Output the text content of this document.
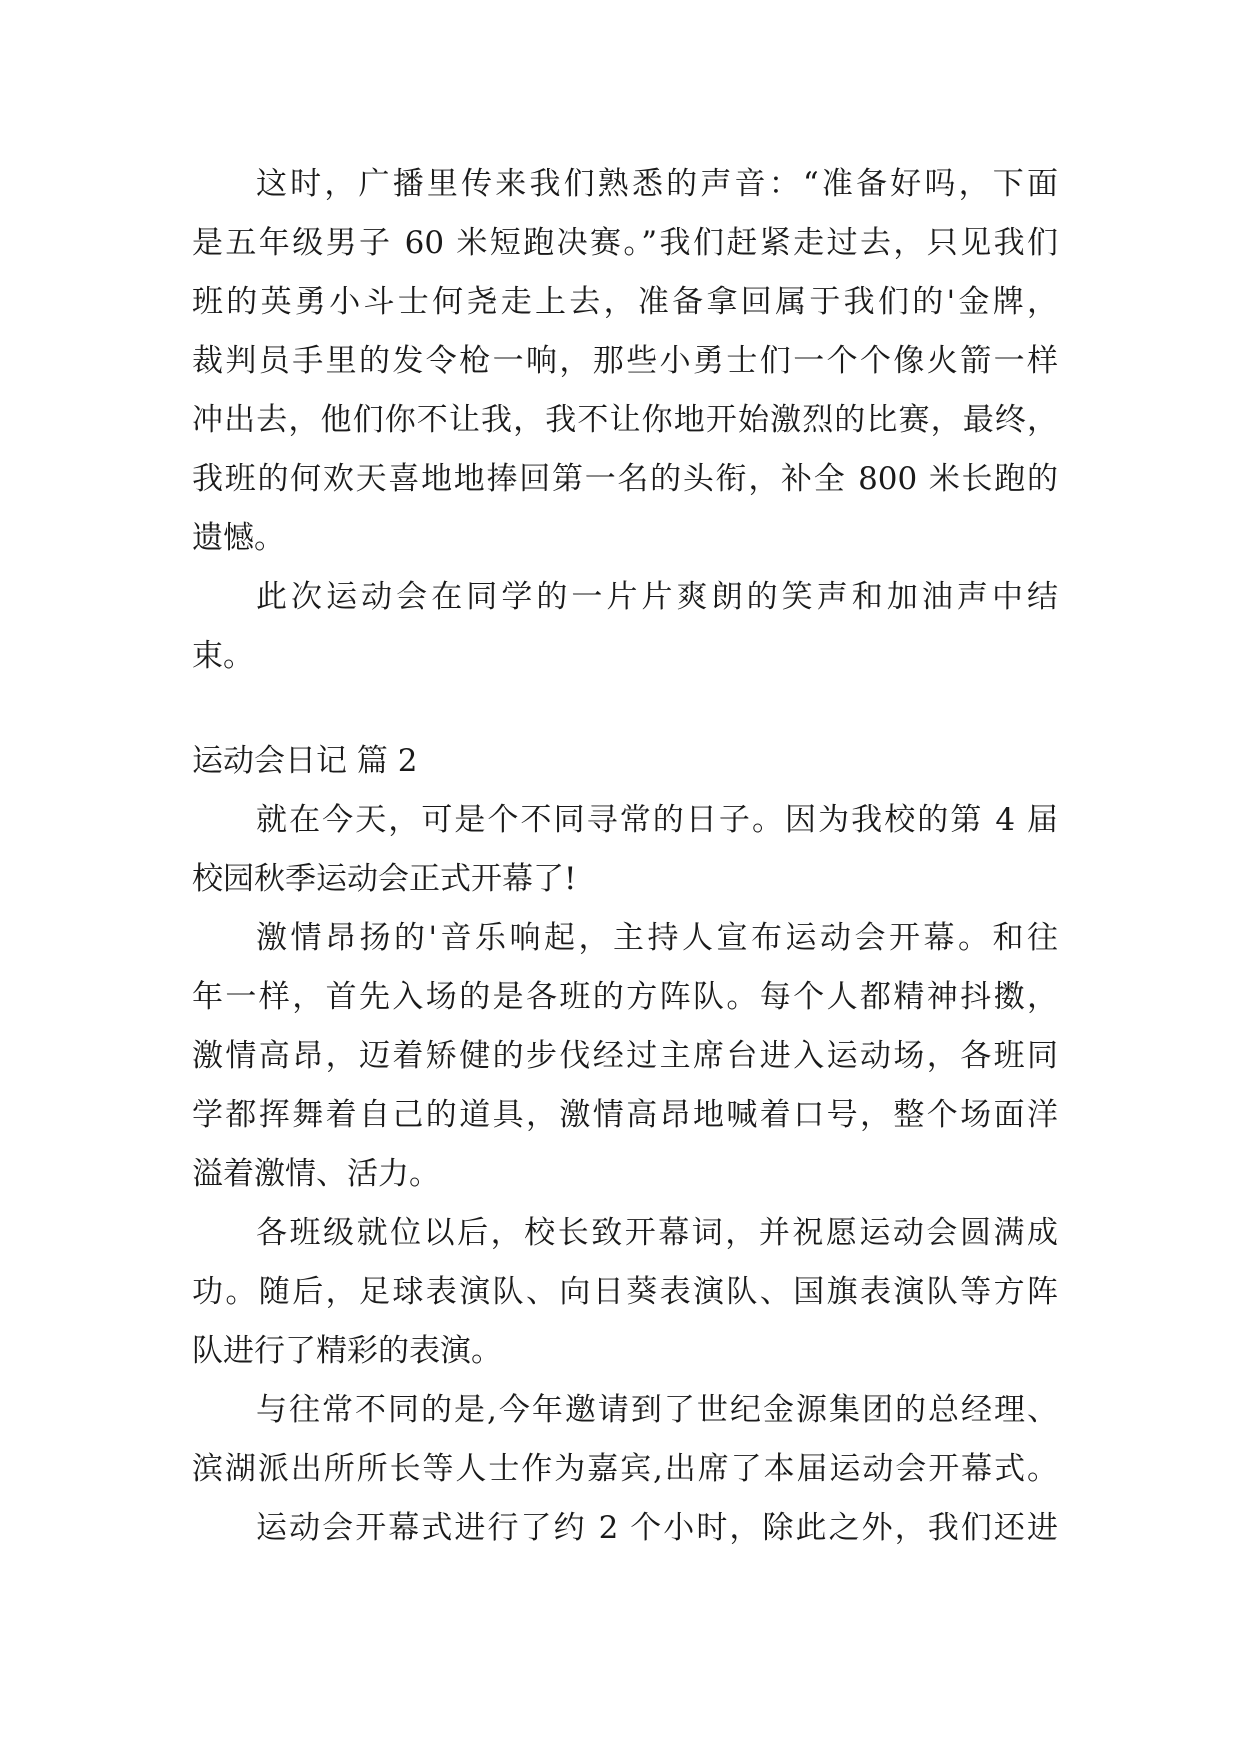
这时，广播里传来我们熟悉的声音：“准备好吗，下面
是五年级男子 60 米短跑决赛。”我们赶紧走过去，只见我们
班的英勇小斗士何尧走上去，准备拿回属于我们的'金牌，
裁判员手里的发令枪一响，那些小勇士们一个个像火箭一样
冲出去，他们你不让我，我不让你地开始激烈的比赛，最终，
我班的何欢天喜地地捧回第一名的头衔，补全 800 米长跑的
遗憾。
此次运动会在同学的一片片爽朗的笑声和加油声中结
束。
运动会日记 篇 2
就在今天，可是个不同寻常的日子。因为我校的第 4 届
校园秋季运动会正式开幕了!
激情昂扬的'音乐响起，主持人宣布运动会开幕。和往
年一样，首先入场的是各班的方阵队。每个人都精神抖擞，
激情高昂，迈着矫健的步伐经过主席台进入运动场，各班同
学都挥舞着自己的道具，激情高昂地喊着口号，整个场面洋
溢着激情、活力。
各班级就位以后，校长致开幕词，并祝愿运动会圆满成
功。随后，足球表演队、向日葵表演队、国旗表演队等方阵
队进行了精彩的表演。
与往常不同的是,今年邀请到了世纪金源集团的总经理、
滨湖派出所所长等人士作为嘉宾,出席了本届运动会开幕式。
运动会开幕式进行了约 2 个小时，除此之外，我们还进
